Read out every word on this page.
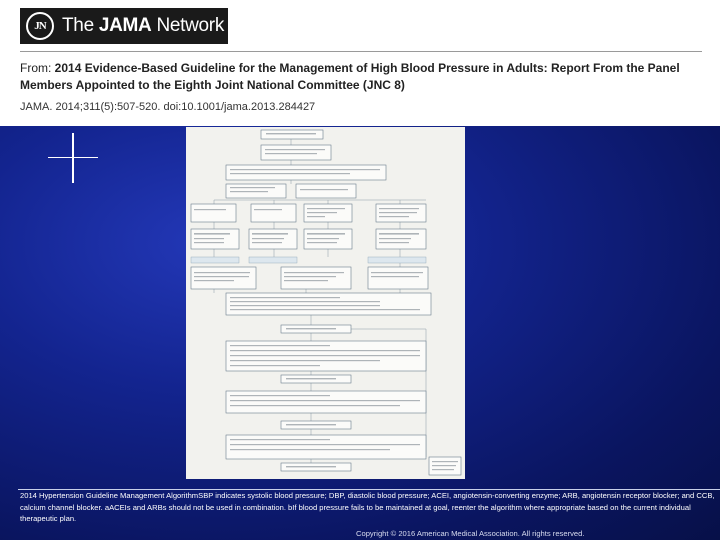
JN The JAMA Network
From: 2014 Evidence-Based Guideline for the Management of High Blood Pressure in Adults: Report From the Panel Members Appointed to the Eighth Joint National Committee (JNC 8)
JAMA. 2014;311(5):507-520. doi:10.1001/jama.2013.284427
2014 Hypertension Guideline Management AlgorithmSBP indicates systolic blood pressure; DBP, diastolic blood pressure; ACEI, angiotensin-converting enzyme; ARB, angiotensin receptor blocker; and CCB, calcium channel blocker. aACEIs and ARBs should not be used in combination. bIf blood pressure fails to be maintained at goal, reenter the algorithm where appropriate based on the current individual therapeutic plan.
Copyright © 2016 American Medical Association. All rights reserved.
